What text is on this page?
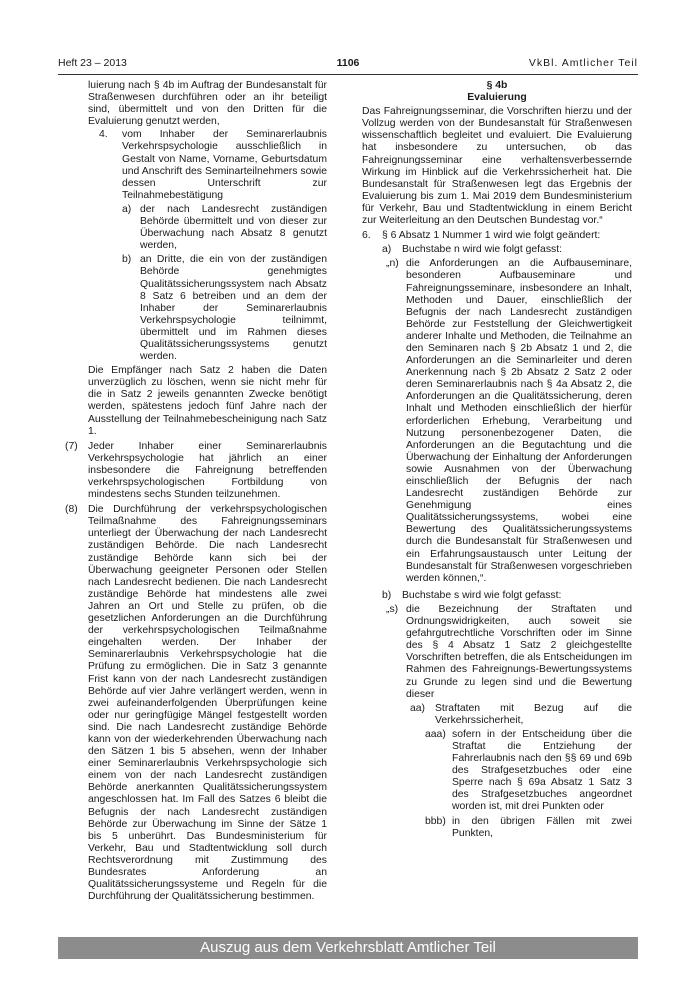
Heft 23 – 2013	1106	VkBl. Amtlicher Teil

luierung nach § 4b im Auftrag der Bundesanstalt für Straßenwesen durchführen oder an ihr beteiligt sind, übermittelt und von den Dritten für die Evaluierung genutzt werden,

4. vom Inhaber der Seminarerlaubnis Verkehrspsychologie ausschließlich in Gestalt von Name, Vorname, Geburtsdatum und Anschrift des Seminarteilnehmers sowie dessen Unterschrift zur Teilnahmebestätigung

a) der nach Landesrecht zuständigen Behörde übermittelt und von dieser zur Überwachung nach Absatz 8 genutzt werden,

b) an Dritte, die ein von der zuständigen Behörde genehmigtes Qualitätssicherungssystem nach Absatz 8 Satz 6 betreiben und an dem der Inhaber der Seminarerlaubnis Verkehrspsychologie teilnimmt, übermittelt und im Rahmen dieses Qualitätssicherungssystems genutzt werden.

Die Empfänger nach Satz 2 haben die Daten unverzüglich zu löschen, wenn sie nicht mehr für die in Satz 2 jeweils genannten Zwecke benötigt werden, spätestens jedoch fünf Jahre nach der Ausstellung der Teilnahmebescheinigung nach Satz 1.

(7) Jeder Inhaber einer Seminarerlaubnis Verkehrspsychologie hat jährlich an einer insbesondere die Fahreignung betreffenden verkehrspsychologischen Fortbildung von mindestens sechs Stunden teilzunehmen.

(8) Die Durchführung der verkehrspsychologischen Teilmaßnahme des Fahreignungsseminars unterliegt der Überwachung der nach Landesrecht zuständigen Behörde. Die nach Landesrecht zuständige Behörde kann sich bei der Überwachung geeigneter Personen oder Stellen nach Landesrecht bedienen. Die nach Landesrecht zuständige Behörde hat mindestens alle zwei Jahren an Ort und Stelle zu prüfen, ob die gesetzlichen Anforderungen an die Durchführung der verkehrspsychologischen Teilmaßnahme eingehalten werden. Der Inhaber der Seminarerlaubnis Verkehrspsychologie hat die Prüfung zu ermöglichen. Die in Satz 3 genannte Frist kann von der nach Landesrecht zuständigen Behörde auf vier Jahre verlängert werden, wenn in zwei aufeinanderfolgenden Überprüfungen keine oder nur geringfügige Mängel festgestellt worden sind. Die nach Landesrecht zuständige Behörde kann von der wiederkehrenden Überwachung nach den Sätzen 1 bis 5 absehen, wenn der Inhaber einer Seminarerlaubnis Verkehrspsychologie sich einem von der nach Landesrecht zuständigen Behörde anerkannten Qualitätssicherungssystem angeschlossen hat. Im Fall des Satzes 6 bleibt die Befugnis der nach Landesrecht zuständigen Behörde zur Überwachung im Sinne der Sätze 1 bis 5 unberührt. Das Bundesministerium für Verkehr, Bau und Stadtentwicklung soll durch Rechtsverordnung mit Zustimmung des Bundesrates Anforderung an Qualitätssicherungssysteme und Regeln für die Durchführung der Qualitätssicherung bestimmen.

§ 4b

Evaluierung

Das Fahreignungsseminar, die Vorschriften hierzu und der Vollzug werden von der Bundesanstalt für Straßenwesen wissenschaftlich begleitet und evaluiert. Die Evaluierung hat insbesondere zu untersuchen, ob das Fahreignungsseminar eine verhaltensverbessernde Wirkung im Hinblick auf die Verkehrssicherheit hat. Die Bundesanstalt für Straßenwesen legt das Ergebnis der Evaluierung bis zum 1. Mai 2019 dem Bundesministerium für Verkehr, Bau und Stadtentwicklung in einem Bericht zur Weiterleitung an den Deutschen Bundestag vor.“

6. § 6 Absatz 1 Nummer 1 wird wie folgt geändert:

a) Buchstabe n wird wie folgt gefasst:

„n) die Anforderungen an die Aufbauseminare, besonderen Aufbauseminare und Fahreignungsseminare, insbesondere an Inhalt, Methoden und Dauer, einschließlich der Befugnis der nach Landesrecht zuständigen Behörde zur Feststellung der Gleichwertigkeit anderer Inhalte und Methoden, die Teilnahme an den Seminaren nach § 2b Absatz 1 und 2, die Anforderungen an die Seminarleiter und deren Anerkennung nach § 2b Absatz 2 Satz 2 oder deren Seminarerlaubnis nach § 4a Absatz 2, die Anforderungen an die Qualitätssicherung, deren Inhalt und Methoden einschließlich der hierfür erforderlichen Erhebung, Verarbeitung und Nutzung personenbezogener Daten, die Anforderungen an die Begutachtung und die Überwachung der Einhaltung der Anforderungen sowie Ausnahmen von der Überwachung einschließlich der Befugnis der nach Landesrecht zuständigen Behörde zur Genehmigung eines Qualitätssicherungssystems, wobei eine Bewertung des Qualitätssicherungssystems durch die Bundesanstalt für Straßenwesen und ein Erfahrungsaustausch unter Leitung der Bundesanstalt für Straßenwesen vorgeschrieben werden können,“.

b) Buchstabe s wird wie folgt gefasst:

„s) die Bezeichnung der Straftaten und Ordnungswidrigkeiten, auch soweit sie gefahrgutrechtliche Vorschriften oder im Sinne des § 4 Absatz 1 Satz 2 gleichgestellte Vorschriften betreffen, die als Entscheidungen im Rahmen des Fahreignungs-Bewertungssystems zu Grunde zu legen sind und die Bewertung dieser

aa) Straftaten mit Bezug auf die Verkehrssicherheit,

aaa) sofern in der Entscheidung über die Straftat die Entziehung der Fahrerlaubnis nach den §§ 69 und 69b des Strafgesetzbuches oder eine Sperre nach § 69a Absatz 1 Satz 3 des Strafgesetzbuches angeordnet worden ist, mit drei Punkten oder

bbb) in den übrigen Fällen mit zwei Punkten,

Auszug aus dem Verkehrsblatt Amtlicher Teil
